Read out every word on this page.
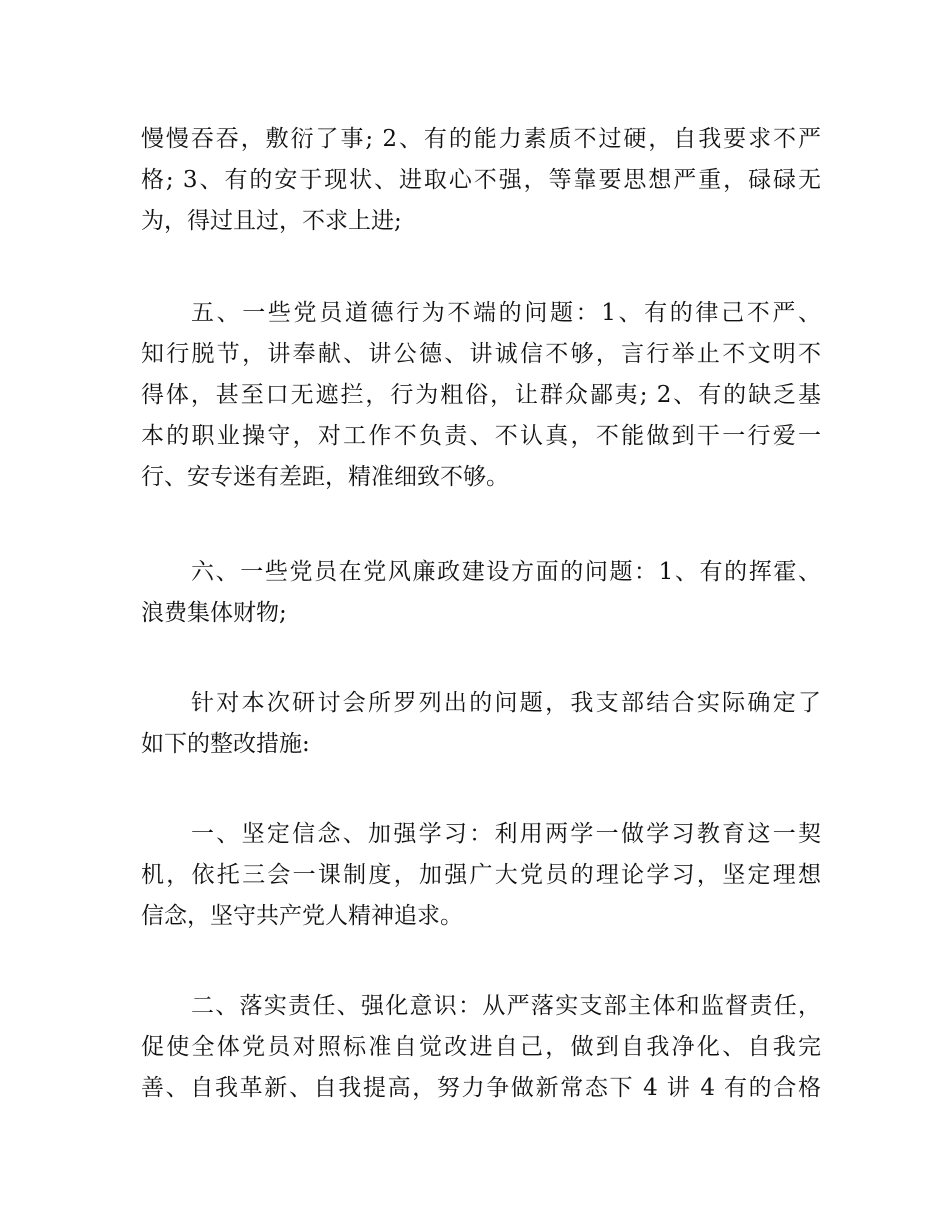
慢慢吞吞，敷衍了事; 2、有的能力素质不过硬，自我要求不严
格; 3、有的安于现状、进取心不强，等靠要思想严重，碌碌无
为，得过且过，不求上进;
五、一些党员道德行为不端的问题：1、有的律己不严、
知行脱节，讲奉献、讲公德、讲诚信不够，言行举止不文明不
得体，甚至口无遮拦，行为粗俗，让群众鄙夷; 2、有的缺乏基
本的职业操守，对工作不负责、不认真，不能做到干一行爱一
行、安专迷有差距，精准细致不够。
六、一些党员在党风廉政建设方面的问题：1、有的挥霍、
浪费集体财物;
针对本次研讨会所罗列出的问题，我支部结合实际确定了
如下的整改措施:
一、坚定信念、加强学习：利用两学一做学习教育这一契
机，依托三会一课制度，加强广大党员的理论学习，坚定理想
信念，坚守共产党人精神追求。
二、落实责任、强化意识：从严落实支部主体和监督责任，
促使全体党员对照标准自觉改进自己，做到自我净化、自我完
善、自我革新、自我提高，努力争做新常态下 4 讲 4 有的合格
